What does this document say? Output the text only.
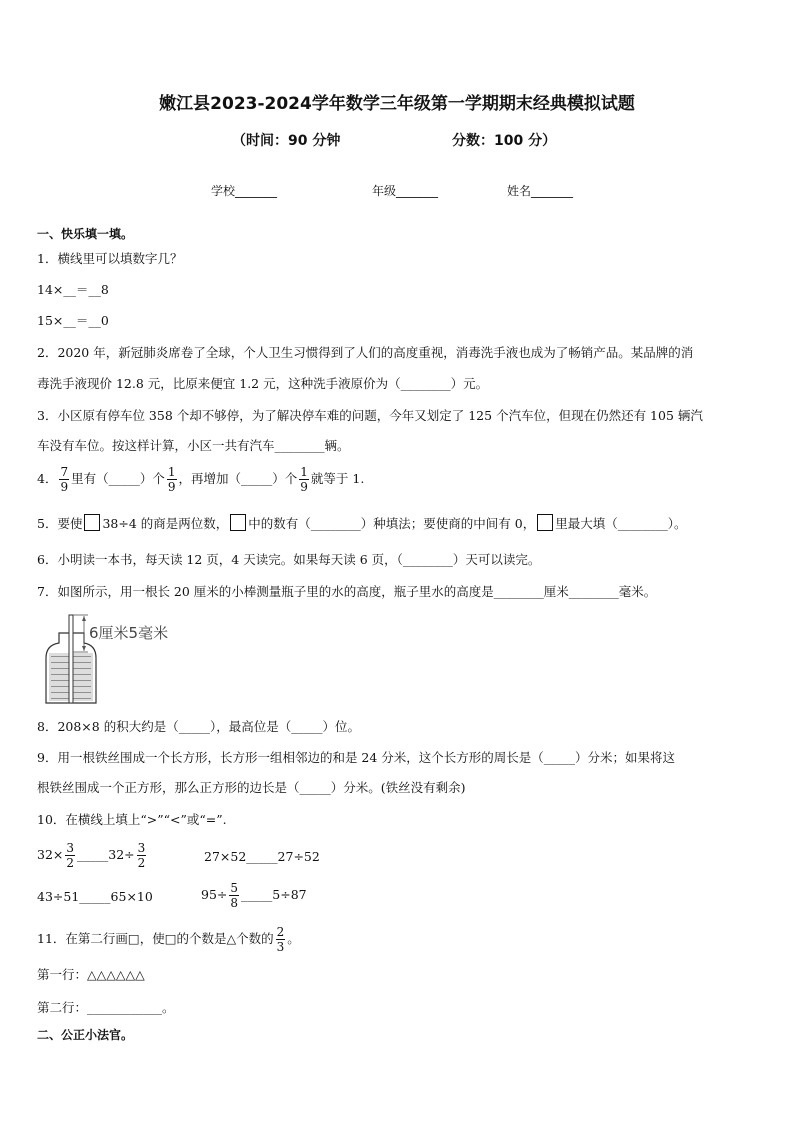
嫩江县2023-2024学年数学三年级第一学期期末经典模拟试题
（时间：90 分钟	分数：100 分）
学校_______	年级_______	姓名_______
一、快乐填一填。
1．横线里可以填数字几？
14×__＝__8
15×__＝__0
2．2020 年，新冠肺炎席卷了全球，个人卫生习惯得到了人们的高度重视，消毒洗手液也成为了畅销产品。某品牌的消
毒洗手液现价 12.8 元，比原来便宜 1.2 元，这种洗手液原价为（________）元。
3．小区原有停车位 358 个却不够停，为了解决停车难的问题，今年又划定了 125 个汽车位，但现在仍然还有 105 辆汽
车没有车位。按这样计算，小区一共有汽车________辆。
4． $\frac{7}{9}$ 里有（_____）个 $\frac{1}{9}$ ，再增加（_____）个 $\frac{1}{9}$ 就等于 1.
5．要使 38÷4 的商是两位数， 中的数有（________）种填法；要使商的中间有 0， 里最大填（________）。
6．小明读一本书，每天读 12 页，4 天读完。如果每天读 6 页，（________）天可以读完。
7．如图所示，用一根长 20 厘米的小棒测量瓶子里的水的高度，瓶子里水的高度是________厘米________毫米。
6厘米5毫米
8．208×8 的积大约是（_____），最高位是（_____）位。
9．用一根铁丝围成一个长方形，长方形一组相邻边的和是 24 分米，这个长方形的周长是（_____）分米；如果将这
根铁丝围成一个正方形，那么正方形的边长是（_____）分米。(铁丝没有剩余)
10．在横线上填上“>”“<”或“=”.
$32\times \frac{3}{2}$ _____32÷ $\frac{3}{2}$	27×52_____27÷52
43÷51_____65×10	$95\div \frac{5}{8}$ _____5÷87
11．在第二行画□，使□的个数是△个数的 $\frac{2}{3}$ 。
第一行：△△△△△△
第二行：____________。
二、公正小法官。
